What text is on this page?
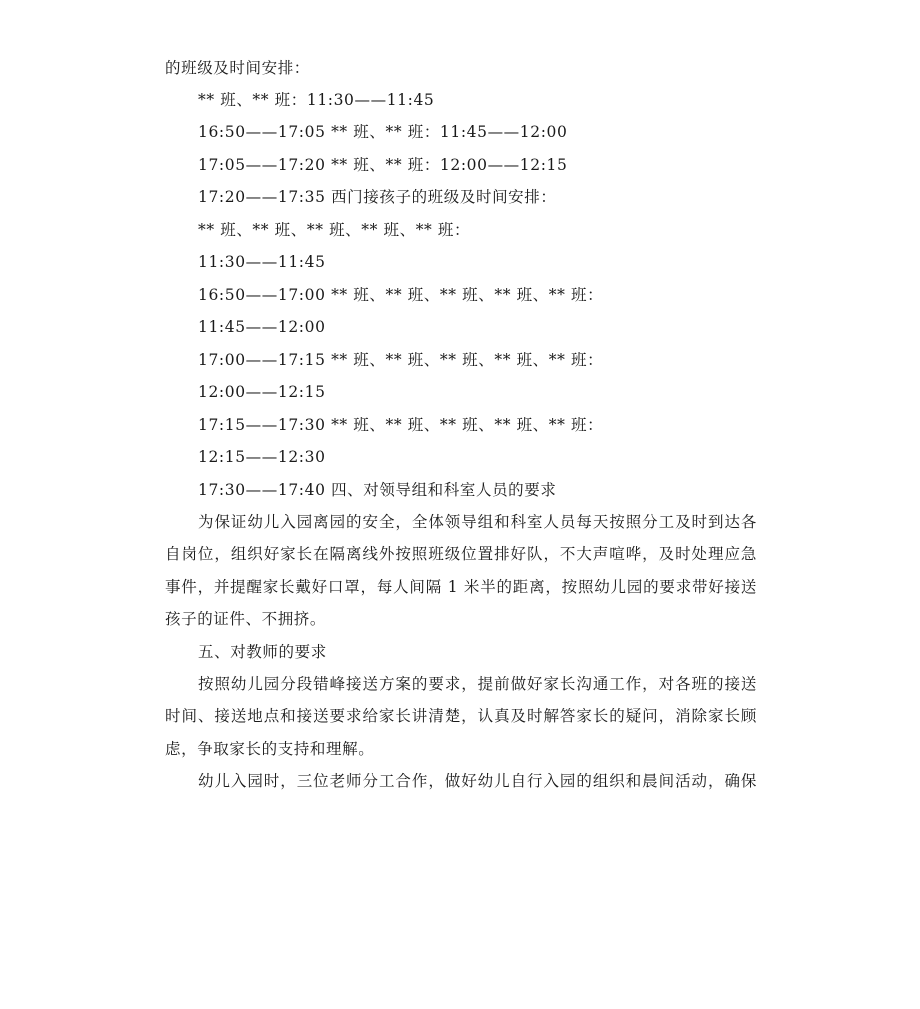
的班级及时间安排：
** 班、** 班：11:30——11:45
16:50——17:05 ** 班、** 班：11:45——12:00
17:05——17:20 ** 班、** 班：12:00——12:15
17:20——17:35 西门接孩子的班级及时间安排：
** 班、** 班、** 班、** 班、** 班：
11:30——11:45
16:50——17:00 ** 班、** 班、** 班、** 班、** 班：
11:45——12:00
17:00——17:15 ** 班、** 班、** 班、** 班、** 班：
12:00——12:15
17:15——17:30 ** 班、** 班、** 班、** 班、** 班：
12:15——12:30
17:30——17:40 四、对领导组和科室人员的要求
为保证幼儿入园离园的安全，全体领导组和科室人员每天按照分工及时到达各
自岗位，组织好家长在隔离线外按照班级位置排好队，不大声喧哗，及时处理应急
事件，并提醒家长戴好口罩，每人间隔 1 米半的距离，按照幼儿园的要求带好接送
孩子的证件、不拥挤。
五、对教师的要求
按照幼儿园分段错峰接送方案的要求，提前做好家长沟通工作，对各班的接送
时间、接送地点和接送要求给家长讲清楚，认真及时解答家长的疑问，消除家长顾
虑，争取家长的支持和理解。
幼儿入园时，三位老师分工合作，做好幼儿自行入园的组织和晨间活动，确保
